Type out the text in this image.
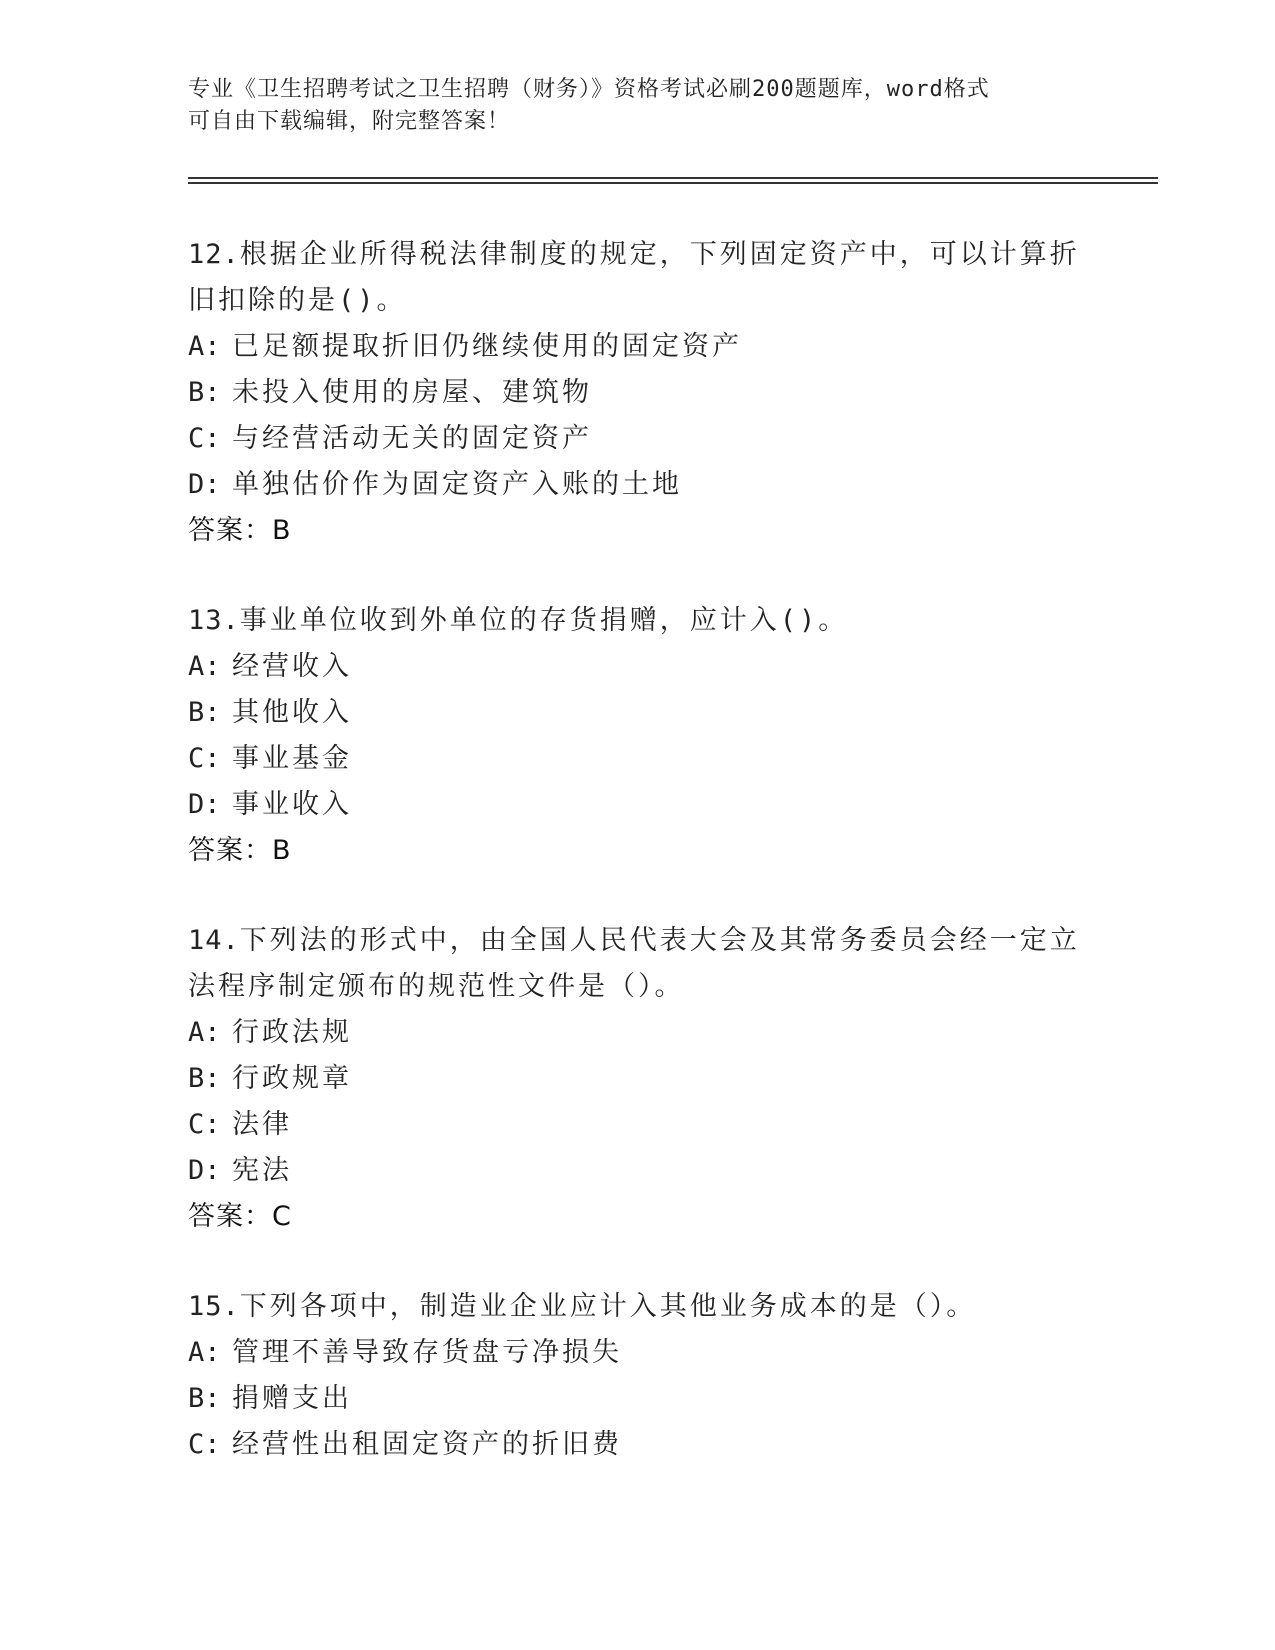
专业《卫生招聘考试之卫生招聘（财务）》资格考试必刷200题题库，word格式
可自由下载编辑，附完整答案！
12.根据企业所得税法律制度的规定，下列固定资产中，可以计算折旧扣除的是()。
A: 已足额提取折旧仍继续使用的固定资产
B: 未投入使用的房屋、建筑物
C: 与经营活动无关的固定资产
D: 单独估价作为固定资产入账的土地
答案：B
13.事业单位收到外单位的存货捐赠，应计入()。
A: 经营收入
B: 其他收入
C: 事业基金
D: 事业收入
答案：B
14.下列法的形式中，由全国人民代表大会及其常务委员会经一定立法程序制定颁布的规范性文件是（）。
A: 行政法规
B: 行政规章
C: 法律
D: 宪法
答案：C
15.下列各项中，制造业企业应计入其他业务成本的是（）。
A: 管理不善导致存货盘亏净损失
B: 捐赠支出
C: 经营性出租固定资产的折旧费
